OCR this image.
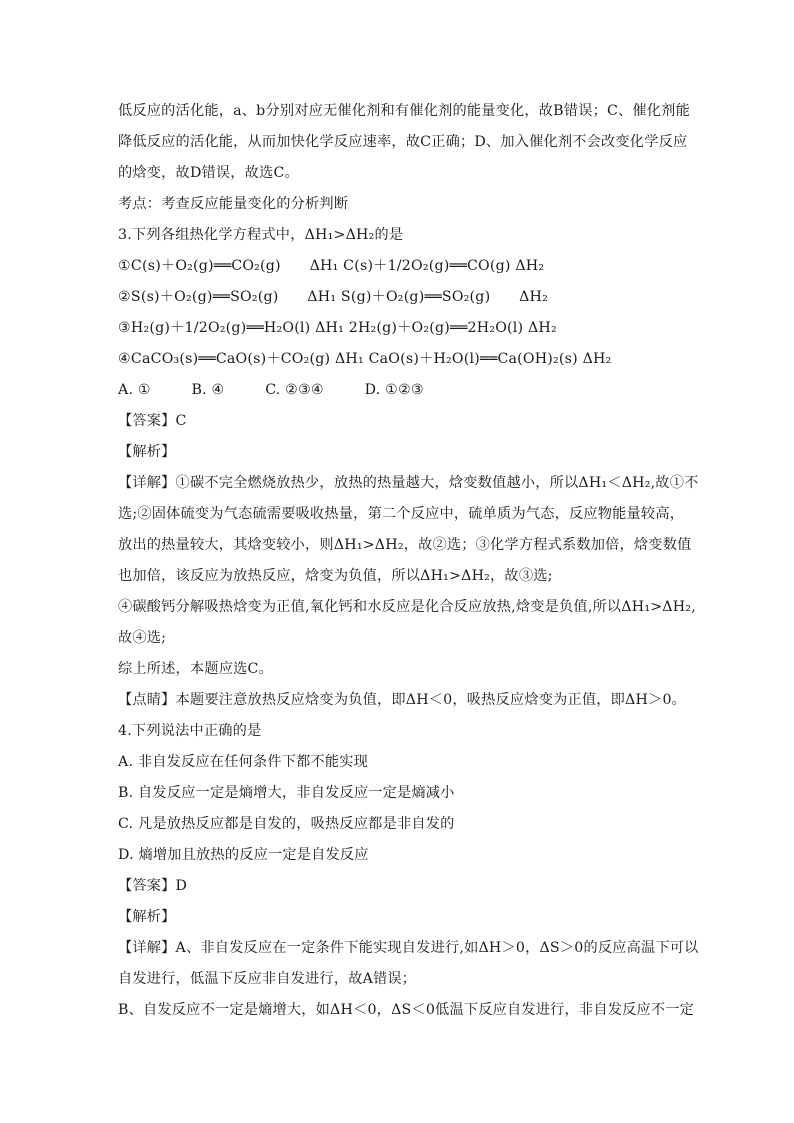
低反应的活化能，a、b分别对应无催化剂和有催化剂的能量变化，故B错误；C、催化剂能
降低反应的活化能，从而加快化学反应速率，故C正确；D、加入催化剂不会改变化学反应
的焓变，故D错误，故选C。
考点：考查反应能量变化的分析判断
3.下列各组热化学方程式中，ΔH₁>ΔH₂的是
①C(s)＋O₂(g)══CO₂(g)　　ΔH₁ C(s)＋1/2O₂(g)══CO(g) ΔH₂
②S(s)＋O₂(g)══SO₂(g)　　ΔH₁ S(g)＋O₂(g)══SO₂(g)　　ΔH₂
③H₂(g)＋1/2O₂(g)══H₂O(l) ΔH₁ 2H₂(g)＋O₂(g)══2H₂O(l) ΔH₂
④CaCO₃(s)══CaO(s)＋CO₂(g) ΔH₁ CaO(s)＋H₂O(l)══Ca(OH)₂(s) ΔH₂
A. ①	B. ④	C. ②③④	D. ①②③
【答案】C
【解析】
【详解】①碳不完全燃烧放热少，放热的热量越大，焓变数值越小，所以ΔH₁＜ΔH₂,故①不
选;②固体硫变为气态硫需要吸收热量，第二个反应中，硫单质为气态，反应物能量较高，
放出的热量较大，其焓变较小，则ΔH₁>ΔH₂，故②选；③化学方程式系数加倍，焓变数值
也加倍，该反应为放热反应，焓变为负值，所以ΔH₁>ΔH₂，故③选;
④碳酸钙分解吸热焓变为正值,氧化钙和水反应是化合反应放热,焓变是负值,所以ΔH₁>ΔH₂,
故④选;
综上所述，本题应选C。
【点睛】本题要注意放热反应焓变为负值，即ΔH＜0，吸热反应焓变为正值，即ΔH＞0。
4.下列说法中正确的是
A. 非自发反应在任何条件下都不能实现
B. 自发反应一定是熵增大，非自发反应一定是熵减小
C. 凡是放热反应都是自发的，吸热反应都是非自发的
D. 熵增加且放热的反应一定是自发反应
【答案】D
【解析】
【详解】A、非自发反应在一定条件下能实现自发进行,如ΔH＞0，ΔS＞0的反应高温下可以
自发进行，低温下反应非自发进行，故A错误；
B、自发反应不一定是熵增大，如ΔH＜0，ΔS＜0低温下反应自发进行，非自发反应不一定
